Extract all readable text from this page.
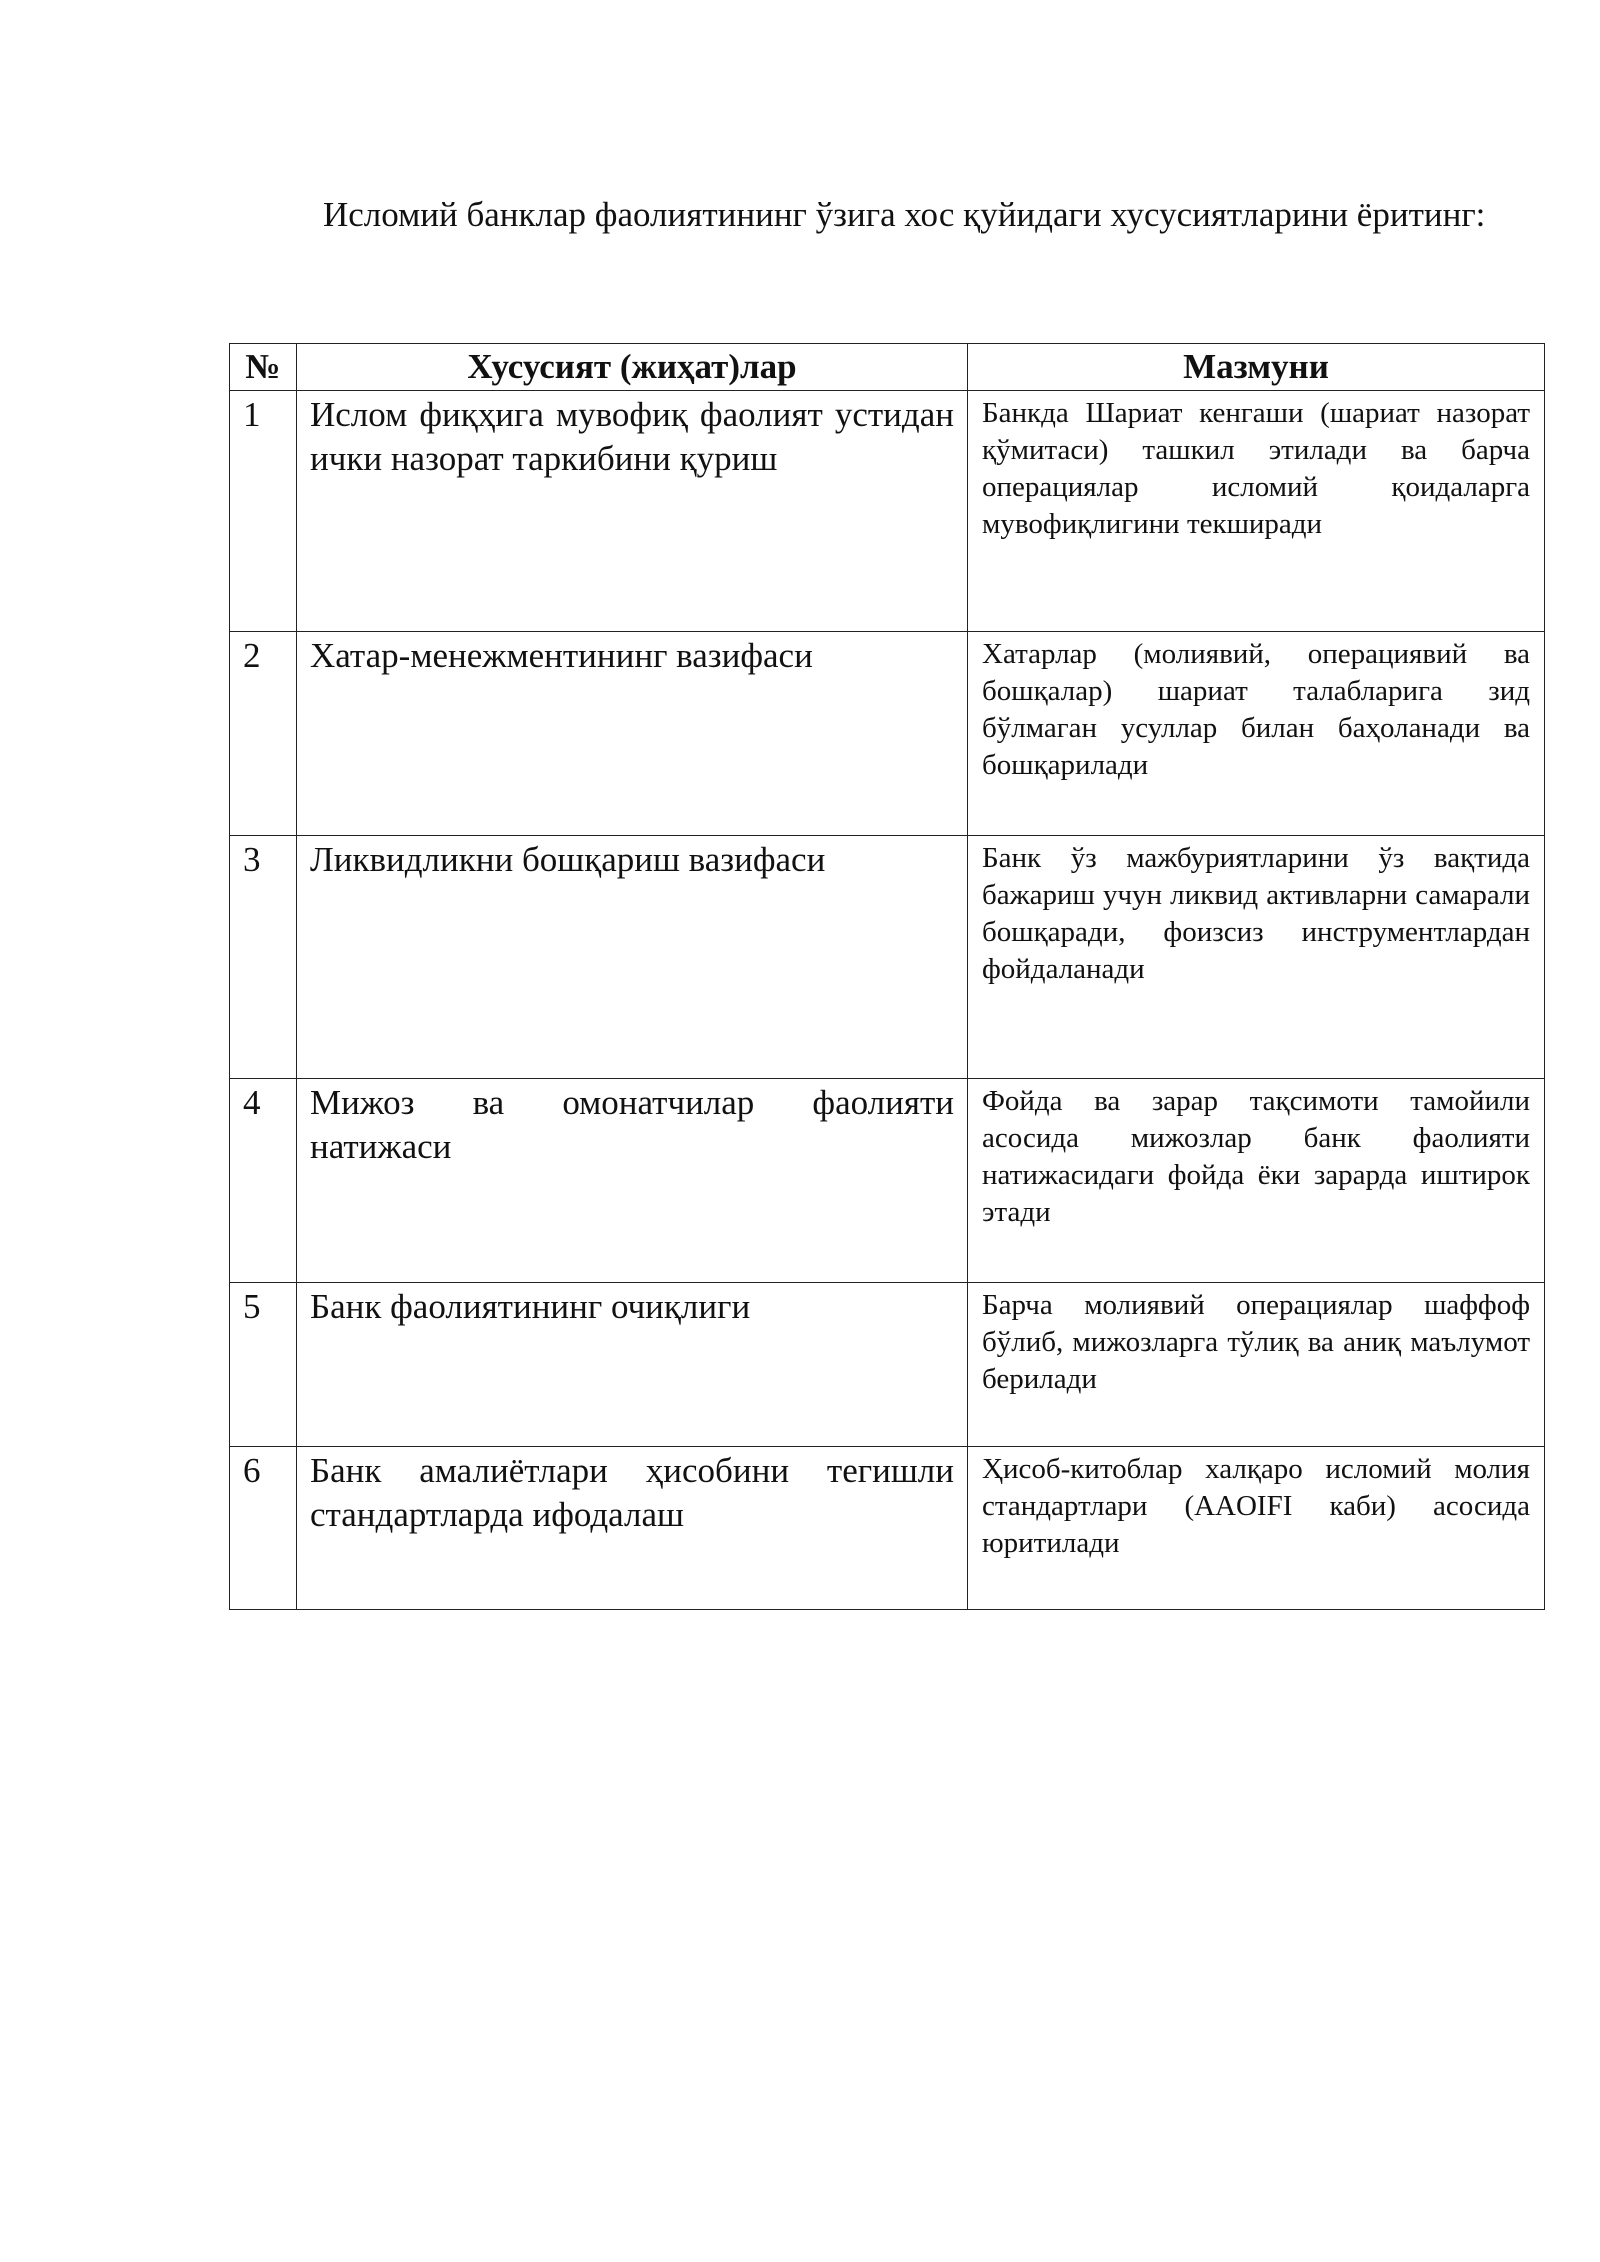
Исломий банклар фаолиятининг ўзига хос қуйидаги хусусиятларини ёритинг:

№	Хусусият (жиҳат)лар	Мазмуни
1	Ислом фиқҳига мувофиқ фаолият устидан ички назорат таркибини қуриш	Банкда Шариат кенгаши (шариат назорат қўмитаси) ташкил этилади ва барча операциялар исломий қоидаларга мувофиқлигини текширади
2	Хатар-менежментининг вазифаси	Хатарлар (молиявий, операциявий ва бошқалар) шариат талабларига зид бўлмаган усуллар билан баҳоланади ва бошқарилади
3	Ликвидликни бошқариш вазифаси	Банк ўз мажбуриятларини ўз вақтида бажариш учун ликвид активларни самарали бошқаради, фоизсиз инструментлардан фойдаланади
4	Мижоз ва омонатчилар фаолияти натижаси	Фойда ва зарар тақсимоти тамойили асосида мижозлар банк фаолияти натижасидаги фойда ёки зарарда иштирок этади
5	Банк фаолиятининг очиқлиги	Барча молиявий операциялар шаффоф бўлиб, мижозларга тўлиқ ва аниқ маълумот берилади
6	Банк амалиётлари ҳисобини тегишли стандартларда ифодалаш	Ҳисоб-китоблар халқаро исломий молия стандартлари (AAOIFI каби) асосида юритилади
